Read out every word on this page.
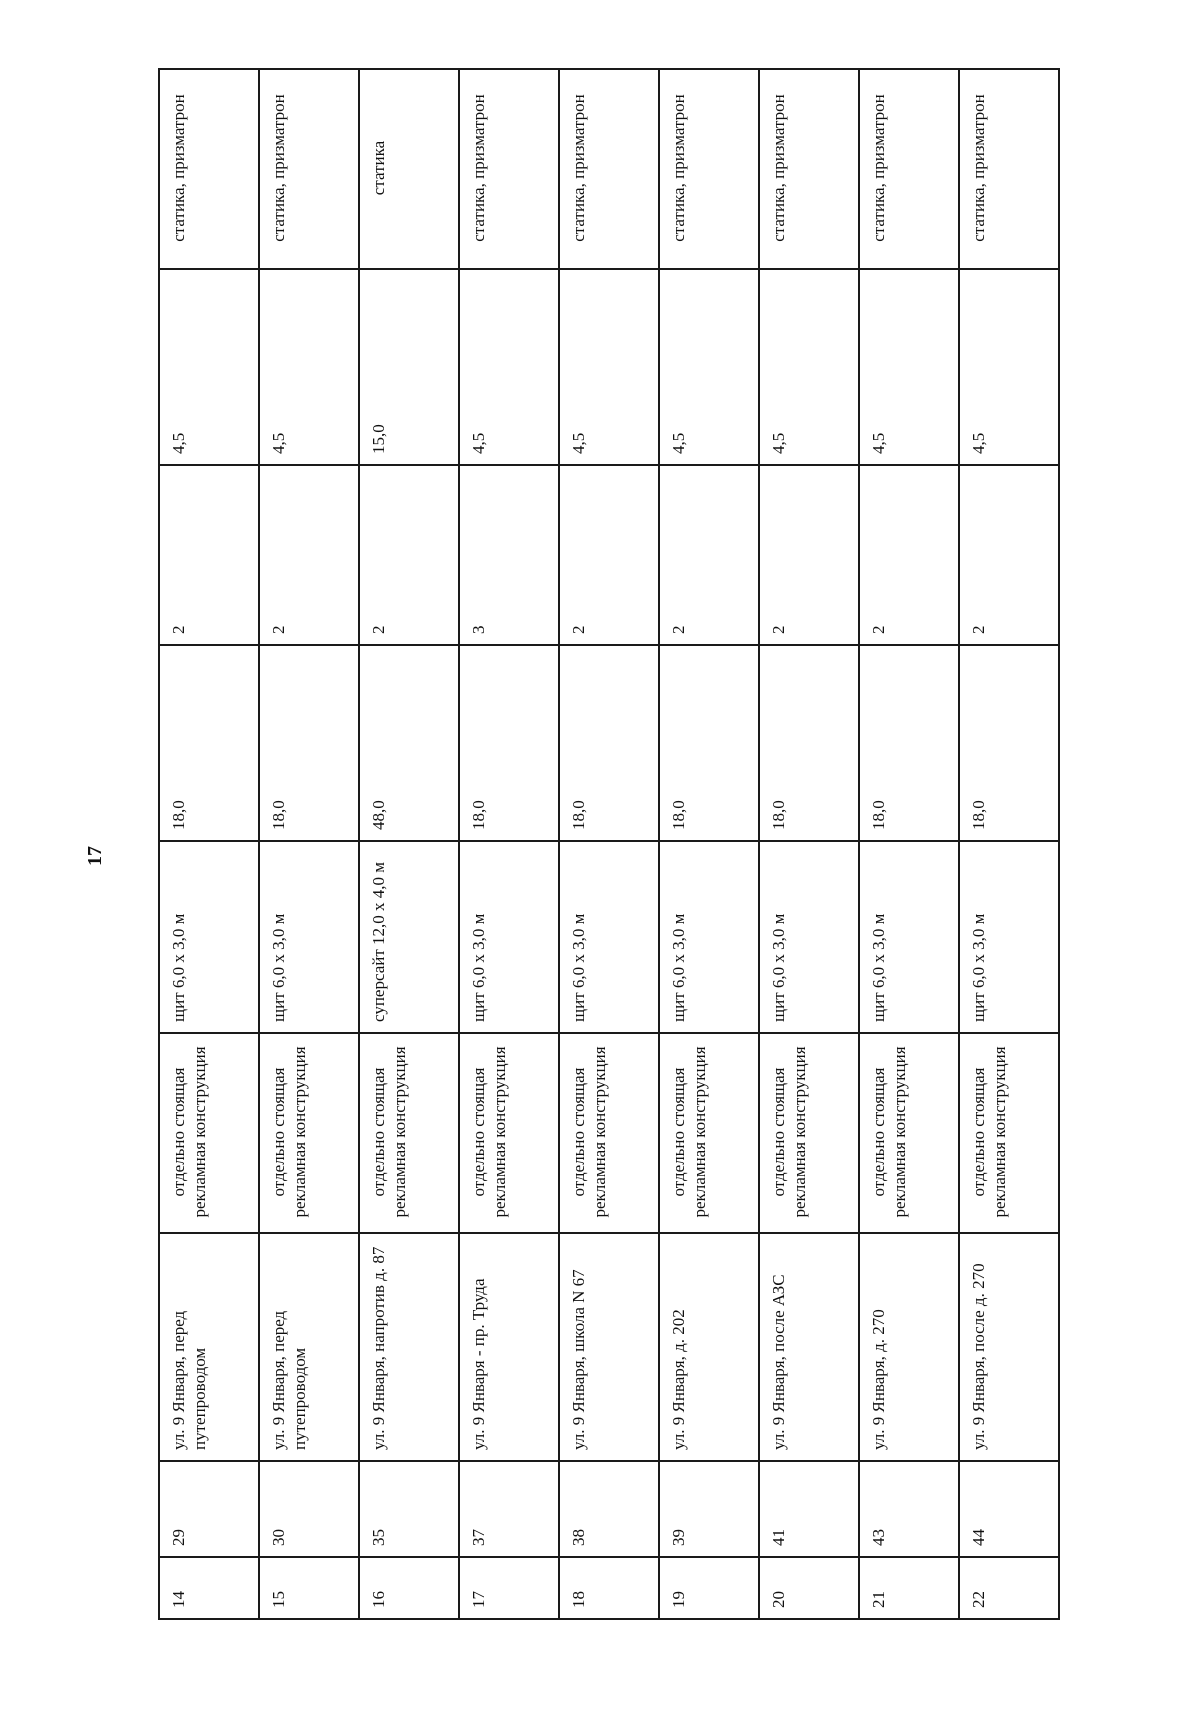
17
14	29	ул. 9 Января, перед путепроводом	отдельно стоящая рекламная конструкция	щит 6,0 х 3,0 м	18,0	2	4,5	статика, призматрон
15	30	ул. 9 Января, перед путепроводом	отдельно стоящая рекламная конструкция	щит 6,0 х 3,0 м	18,0	2	4,5	статика, призматрон
16	35	ул. 9 Января, напротив д. 87	отдельно стоящая рекламная конструкция	суперсайт 12,0 х 4,0 м	48,0	2	15,0	статика
17	37	ул. 9 Января - пр. Труда	отдельно стоящая рекламная конструкция	щит 6,0 х 3,0 м	18,0	3	4,5	статика, призматрон
18	38	ул. 9 Января, школа N 67	отдельно стоящая рекламная конструкция	щит 6,0 х 3,0 м	18,0	2	4,5	статика, призматрон
19	39	ул. 9 Января, д. 202	отдельно стоящая рекламная конструкция	щит 6,0 х 3,0 м	18,0	2	4,5	статика, призматрон
20	41	ул. 9 Января, после АЗС	отдельно стоящая рекламная конструкция	щит 6,0 х 3,0 м	18,0	2	4,5	статика, призматрон
21	43	ул. 9 Января, д. 270	отдельно стоящая рекламная конструкция	щит 6,0 х 3,0 м	18,0	2	4,5	статика, призматрон
22	44	ул. 9 Января, после д. 270	отдельно стоящая рекламная конструкция	щит 6,0 х 3,0 м	18,0	2	4,5	статика, призматрон
